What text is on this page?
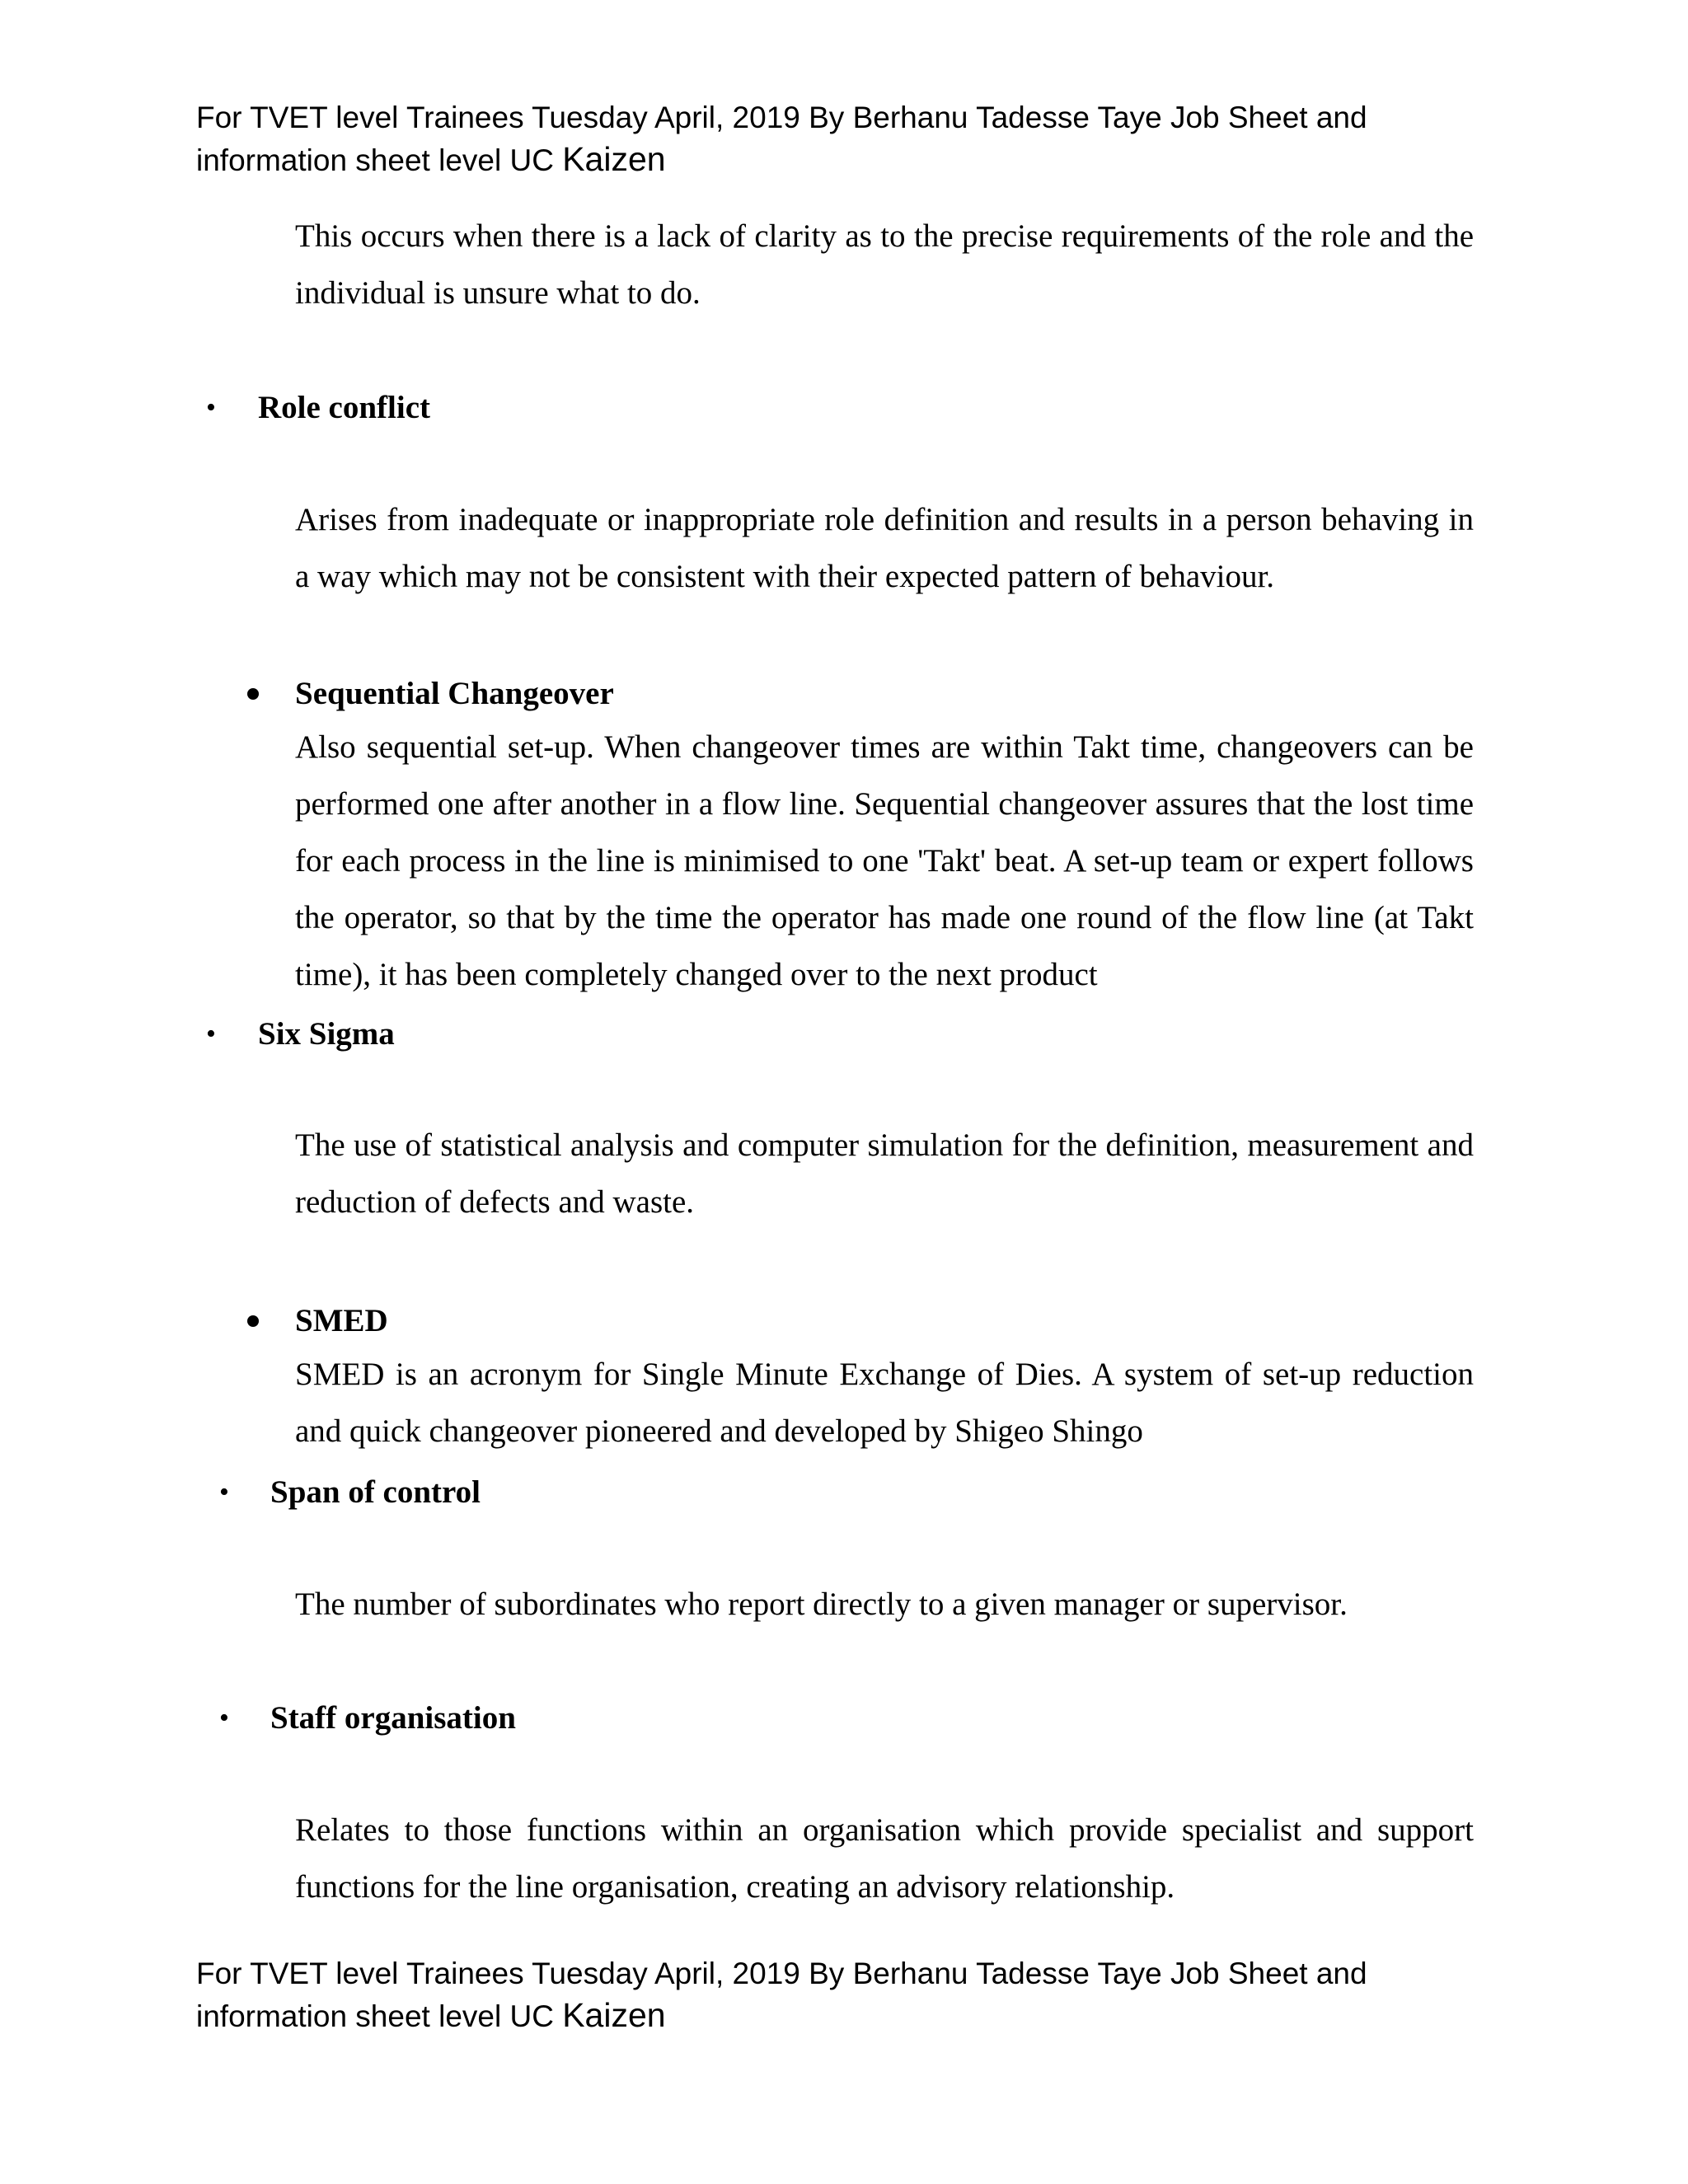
For TVET level Trainees Tuesday April, 2019 By Berhanu Tadesse Taye Job Sheet and
information sheet level UC Kaizen

This occurs when there is a lack of clarity as to the precise requirements of the role and the individual is unsure what to do.

• Role conflict

Arises from inadequate or inappropriate role definition and results in a person behaving in a way which may not be consistent with their expected pattern of behaviour.

Sequential Changeover

Also sequential set-up. When changeover times are within Takt time, changeovers can be performed one after another in a flow line. Sequential changeover assures that the lost time for each process in the line is minimised to one 'Takt' beat. A set-up team or expert follows the operator, so that by the time the operator has made one round of the flow line (at Takt time), it has been completely changed over to the next product

• Six Sigma

The use of statistical analysis and computer simulation for the definition, measurement and reduction of defects and waste.

SMED

SMED is an acronym for Single Minute Exchange of Dies. A system of set-up reduction and quick changeover pioneered and developed by Shigeo Shingo

• Span of control

The number of subordinates who report directly to a given manager or supervisor.

• Staff organisation

Relates to those functions within an organisation which provide specialist and support functions for the line organisation, creating an advisory relationship.

For TVET level Trainees Tuesday April, 2019 By Berhanu Tadesse Taye Job Sheet and
information sheet level UC Kaizen
